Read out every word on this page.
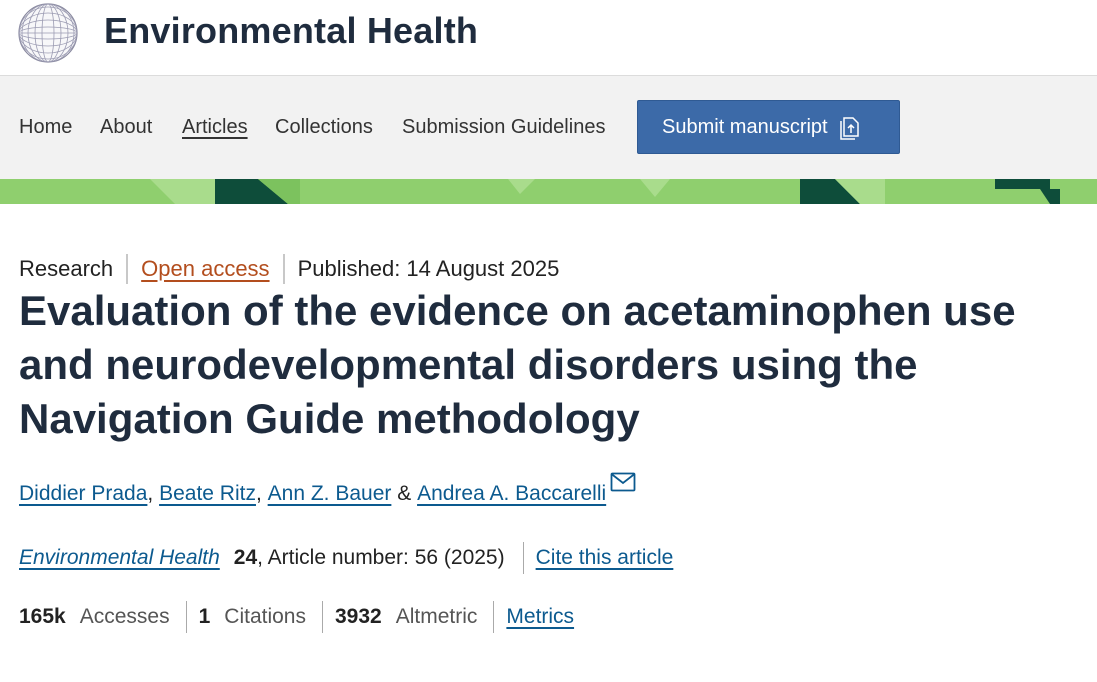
Environmental Health
Home About Articles Collections Submission Guidelines	Submit manuscript
Research Open access Published: 14 August 2025
Evaluation of the evidence on acetaminophen use and neurodevelopmental disorders using the Navigation Guide methodology
Diddier Prada , Beate Ritz , Ann Z. Bauer & Andrea A. Baccarelli
Environmental Health 24 , Article number: 56 (2025) Cite this article
165k Accesses 1 Citations 3932 Altmetric Metrics
